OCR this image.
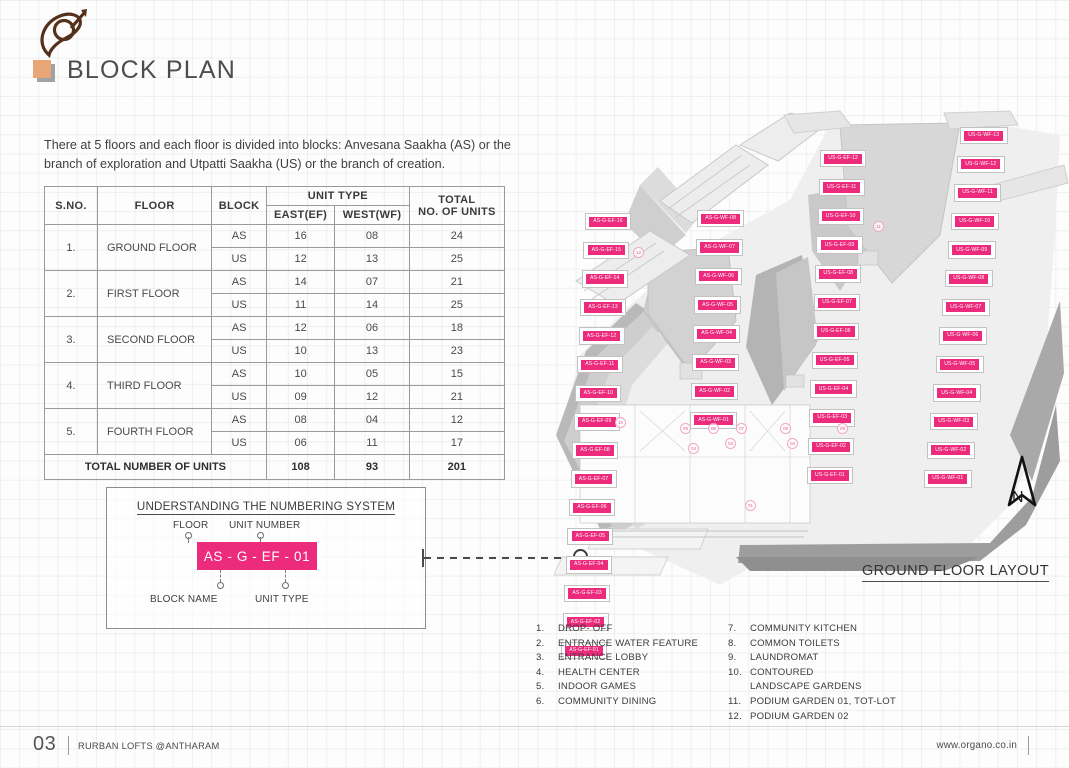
BLOCK PLAN
There at 5 floors and each floor is divided into blocks: Anvesana Saakha (AS) or the branch of exploration and Utpatti Saakha (US) or the branch of creation.
S.NO.	FLOOR	BLOCK	UNIT TYPE		TOTAL
NO. OF UNITS
			EAST(EF)	WEST(WF)	
1.	GROUND FLOOR	AS	16	08	24
		US	12	13	25
2.	FIRST FLOOR	AS	14	07	21
		US	11	14	25
3.	SECOND FLOOR	AS	12	06	18
		US	10	13	23
4.	THIRD FLOOR	AS	10	05	15
		US	09	12	21
5.	FOURTH FLOOR	AS	08	04	12
		US	06	11	17
TOTAL NUMBER OF UNITS			108	93	201
UNDERSTANDING THE NUMBERING SYSTEM
FLOOR UNIT NUMBER
AS - G - EF - 01
BLOCK NAME	UNIT TYPE
AS-G-EF-16
AS-G-EF-15
AS-G-EF-14
AS-G-EF-13
AS-G-EF-12
AS-G-EF-11
AS-G-EF-10
AS-G-EF-09
AS-G-EF-08
AS-G-EF-07
AS-G-EF-06
AS-G-EF-05
AS-G-EF-04
AS-G-EF-03
AS-G-EF-02
AS-G-EF-01
AS-G-WF-08
AS-G-WF-07
AS-G-WF-06
AS-G-WF-05
AS-G-WF-04
AS-G-WF-03
AS-G-WF-02
AS-G-WF-01
US-G-EF-12
US-G-EF-11
US-G-EF-10
US-G-EF-09
US-G-EF-08
US-G-EF-07
US-G-EF-06
US-G-EF-05
US-G-EF-04
US-G-EF-03
US-G-EF-02
US-G-EF-01
US-G-WF-13
US-G-WF-12
US-G-WF-11
US-G-WF-10
US-G-WF-09
US-G-WF-08
US-G-WF-07
US-G-WF-06
US-G-WF-05
US-G-WF-04
US-G-WF-03
US-G-WF-02
US-G-WF-01
01
02
03
04
05	06	07	08	09
10
11
12
N
GROUND FLOOR LAYOUT
1.	DROP- OFF
2.	ENTRANCE WATER FEATURE
3.	ENTRANCE LOBBY
4.	HEALTH CENTER
5.	INDOOR GAMES
6.	COMMUNITY DINING
7.	COMMUNITY KITCHEN
8.	COMMON TOILETS
9.	LAUNDROMAT
10. CONTOURED
LANDSCAPE GARDENS
11. PODIUM GARDEN 01, TOT-LOT
12. PODIUM GARDEN 02
03 RURBAN LOFTS @ANTHARAM	www.organo.co.in
